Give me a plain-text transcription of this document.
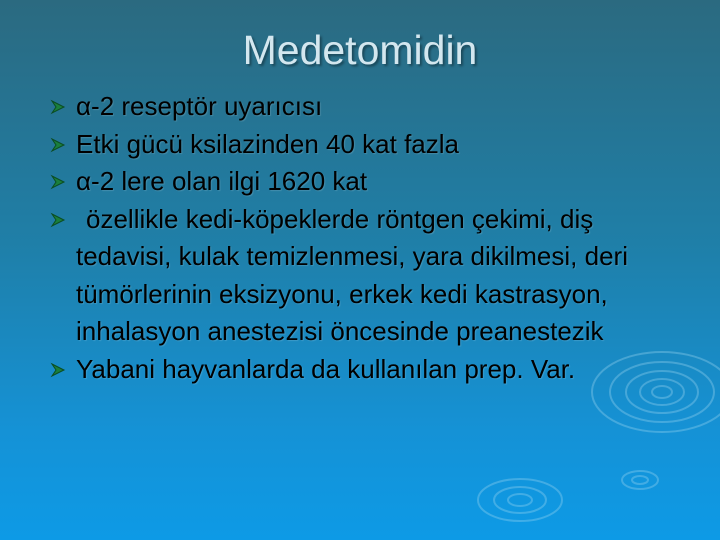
Medetomidin
α-2 reseptör uyarıcısı
Etki gücü ksilazinden 40 kat fazla
α-2 lere olan ilgi 1620 kat
özellikle kedi-köpeklerde röntgen çekimi, diş tedavisi, kulak temizlenmesi, yara dikilmesi, deri tümörlerinin eksizyonu, erkek kedi kastrasyon, inhalasyon anestezisi öncesinde preanestezik
Yabani hayvanlarda da kullanılan prep. Var.
